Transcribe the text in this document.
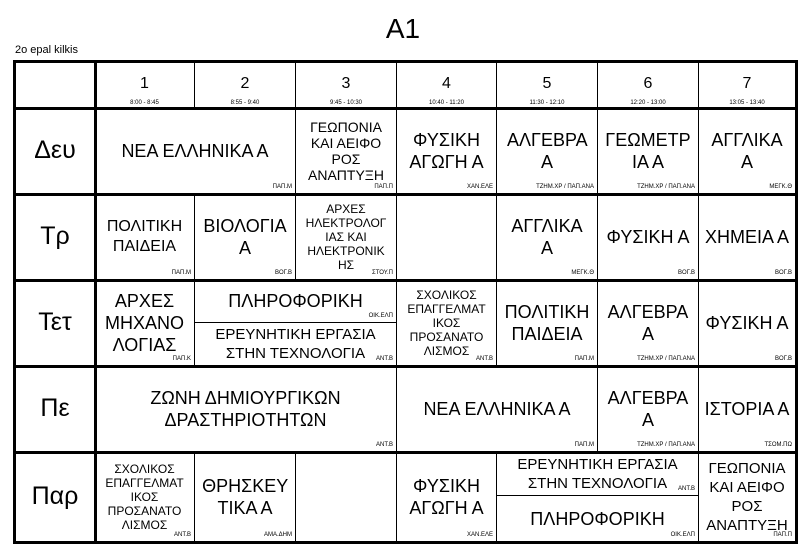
A1
2o epal kilkis
1
8:00 - 8:45
2
8:55 - 9:40
3
9:45 - 10:30
4
10:40 - 11:20
5
11:30 - 12:10
6
12:20 - 13:00
7
13:05 - 13:40
Δευ
Τρ
Τετ
Πε
Παρ
ΝΕΑ ΕΛΛΗΝΙΚΑ Α
ΠΑΠ.Μ
ΓΕΩΠΟΝΙΑ ΚΑΙ ΑΕΙΦΟ ΡΟΣ ΑΝΑΠΤΥΞΗ
ΠΑΠ.Π
ΦΥΣΙΚΗ ΑΓΩΓΗ Α
ΧΑΝ.ΕΛΕ
ΑΛΓΕΒΡΑ Α
ΤΖΗΜ.ΧΡ / ΠΑΠ.ΑΝΑ
ΓΕΩΜΕΤΡ ΙΑ Α
ΤΖΗΜ.ΧΡ / ΠΑΠ.ΑΝΑ
ΑΓΓΛΙΚΑ Α
ΜΕΓΚ.Θ
ΠΟΛΙΤΙΚΗ ΠΑΙΔΕΙΑ
ΠΑΠ.Μ
ΒΙΟΛΟΓΙΑ Α
ΒΟΓ.Β
ΑΡΧΕΣ ΗΛΕΚΤΡΟΛΟΓ ΙΑΣ ΚΑΙ ΗΛΕΚΤΡΟΝΙΚ ΗΣ
ΣΤΟΥ.Π
ΑΓΓΛΙΚΑ Α
ΜΕΓΚ.Θ
ΦΥΣΙΚΗ Α
ΒΟΓ.Β
ΧΗΜΕΙΑ Α
ΒΟΓ.Β
ΑΡΧΕΣ ΜΗΧΑΝΟ ΛΟΓΙΑΣ
ΠΑΠ.Κ
ΠΛΗΡΟΦΟΡΙΚΗ
ΟΙΚ.ΕΛΠ
ΕΡΕΥΝΗΤΙΚΗ ΕΡΓΑΣΙΑ ΣΤΗΝ ΤΕΧΝΟΛΟΓΙΑ	ΑΝΤ.Β
ΣΧΟΛΙΚΟΣ ΕΠΑΓΓΕΛΜΑΤ ΙΚΟΣ ΠΡΟΣΑΝΑΤΟ ΛΙΣΜΟΣ
ΑΝΤ.Β
ΠΟΛΙΤΙΚΗ ΠΑΙΔΕΙΑ
ΠΑΠ.Μ
ΑΛΓΕΒΡΑ Α
ΤΖΗΜ.ΧΡ / ΠΑΠ.ΑΝΑ
ΦΥΣΙΚΗ Α
ΒΟΓ.Β
ΖΩΝΗ ΔΗΜΙΟΥΡΓΙΚΩΝ ΔΡΑΣΤΗΡΙΟΤΗΤΩΝ
ΑΝΤ.Β
ΝΕΑ ΕΛΛΗΝΙΚΑ Α
ΠΑΠ.Μ
ΑΛΓΕΒΡΑ Α
ΤΖΗΜ.ΧΡ / ΠΑΠ.ΑΝΑ
ΙΣΤΟΡΙΑ Α
ΤΣΟΜ.ΠΩ
ΣΧΟΛΙΚΟΣ ΕΠΑΓΓΕΛΜΑΤ ΙΚΟΣ ΠΡΟΣΑΝΑΤΟ ΛΙΣΜΟΣ
ΑΝΤ.Β
ΘΡΗΣΚΕΥ ΤΙΚΑ Α
ΑΜΑ.ΔΗΜ
ΦΥΣΙΚΗ ΑΓΩΓΗ Α
ΧΑΝ.ΕΛΕ
ΕΡΕΥΝΗΤΙΚΗ ΕΡΓΑΣΙΑ ΣΤΗΝ ΤΕΧΝΟΛΟΓΙΑ	ΑΝΤ.Β
ΠΛΗΡΟΦΟΡΙΚΗ
ΟΙΚ.ΕΛΠ
ΓΕΩΠΟΝΙΑ ΚΑΙ ΑΕΙΦΟ ΡΟΣ ΑΝΑΠΤΥΞΗ
ΠΑΠ.Π
